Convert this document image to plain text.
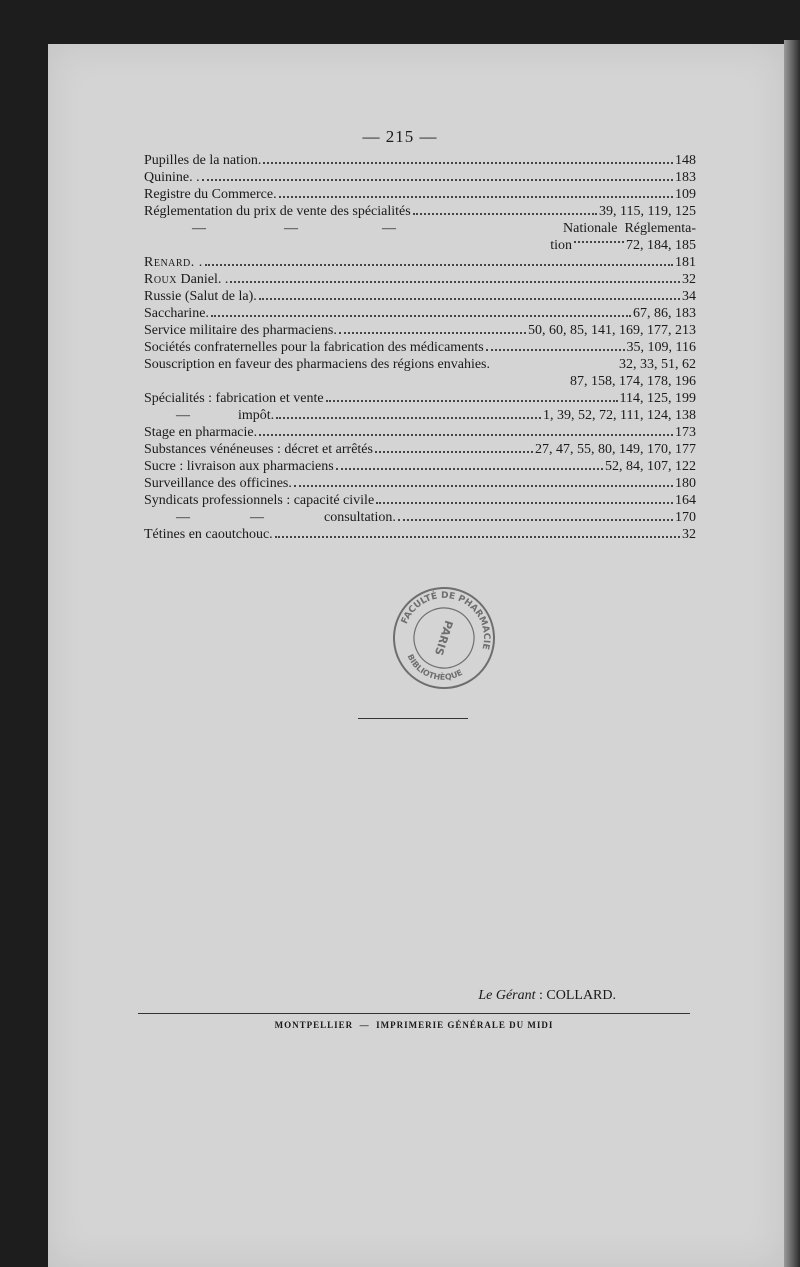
— 215 —
Pupilles de la nation.	148
Quinine. .	183
Registre du Commerce.	109
Réglementation du prix de vente des spécialités	39, 115, 119, 125
—	—	—	Nationale  Réglementa-
tion	72, 184, 185
Renard. .	181
Roux Daniel. .	32
Russie (Salut de la).	34
Saccharine.	67, 86, 183
Service militaire des pharmaciens.	50, 60, 85, 141, 169, 177, 213
Sociétés confraternelles pour la fabrication des médicaments	35, 109, 116
Souscription en faveur des pharmaciens des régions envahies.	32, 33, 51, 62
87, 158, 174, 178, 196
Spécialités : fabrication et vente	114, 125, 199
—	impôt.	1, 39, 52, 72, 111, 124, 138
Stage en pharmacie.	173
Substances vénéneuses : décret et arrêtés	27, 47, 55, 80, 149, 170, 177
Sucre : livraison aux pharmaciens	52, 84, 107, 122
Surveillance des officines.	180
Syndicats professionnels : capacité civile	164
—	—	consultation.	170
Tétines en caoutchouc.	32
FACULTÉ DE PHARMACIE
BIBLIOTHÈQUE
PARIS
Le Gérant : COLLARD.
MONTPELLIER  —  IMPRIMERIE GÉNÉRALE DU MIDI
